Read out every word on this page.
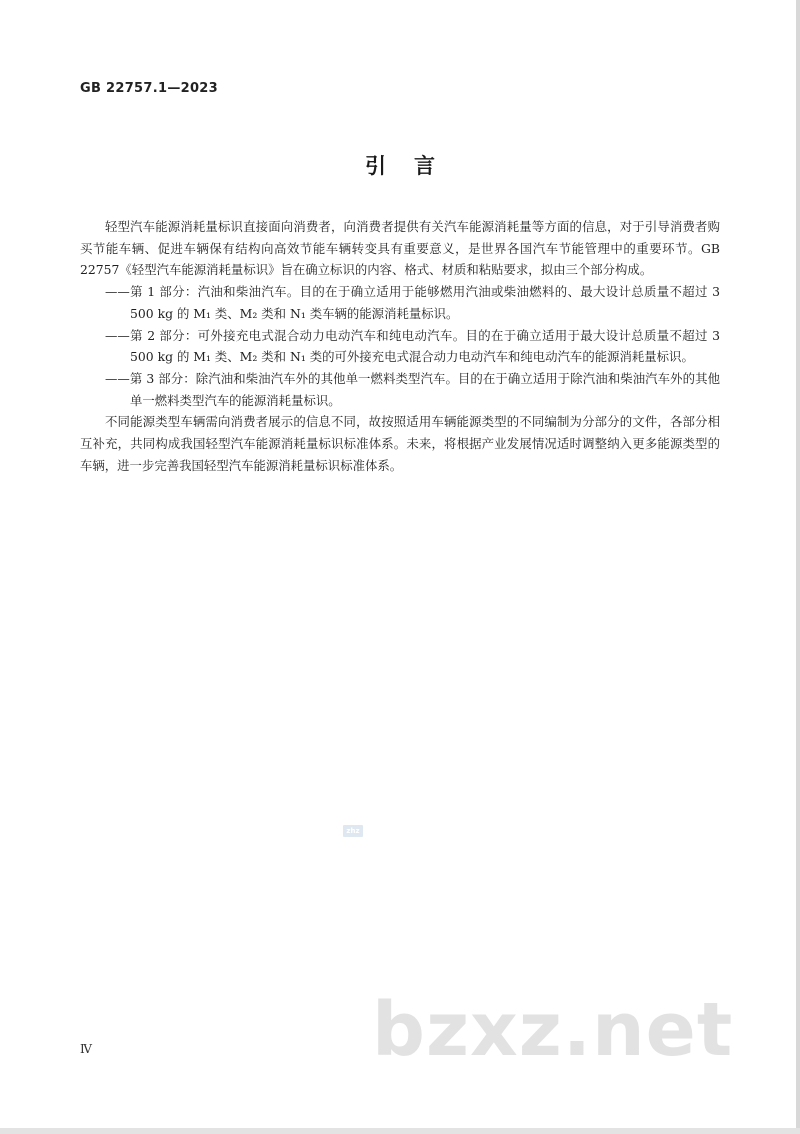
GB 22757.1—2023
引言

轻型汽车能源消耗量标识直接面向消费者，向消费者提供有关汽车能源消耗量等方面的信息，对于引导消费者购买节能车辆、促进车辆保有结构向高效节能车辆转变具有重要意义，是世界各国汽车节能管理中的重要环节。GB 22757《轻型汽车能源消耗量标识》旨在确立标识的内容、格式、材质和粘贴要求，拟由三个部分构成。

——第 1 部分：汽油和柴油汽车。目的在于确立适用于能够燃用汽油或柴油燃料的、最大设计总质量不超过 3 500 kg 的 M₁ 类、M₂ 类和 N₁ 类车辆的能源消耗量标识。

——第 2 部分：可外接充电式混合动力电动汽车和纯电动汽车。目的在于确立适用于最大设计总质量不超过 3 500 kg 的 M₁ 类、M₂ 类和 N₁ 类的可外接充电式混合动力电动汽车和纯电动汽车的能源消耗量标识。

——第 3 部分：除汽油和柴油汽车外的其他单一燃料类型汽车。目的在于确立适用于除汽油和柴油汽车外的其他单一燃料类型汽车的能源消耗量标识。

不同能源类型车辆需向消费者展示的信息不同，故按照适用车辆能源类型的不同编制为分部分的文件，各部分相互补充，共同构成我国轻型汽车能源消耗量标识标准体系。未来，将根据产业发展情况适时调整纳入更多能源类型的车辆，进一步完善我国轻型汽车能源消耗量标识标准体系。

zhz
bzxz.net
Ⅳ
